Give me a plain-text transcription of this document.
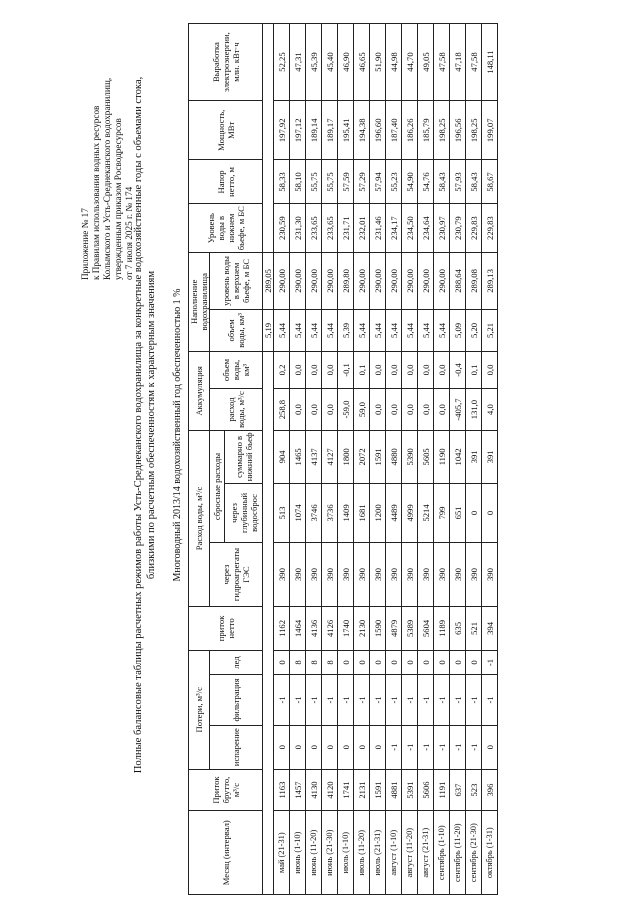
Приложение № 17 к Правилам использования водных ресурсов Колымского и Усть-Среднеканского водохранилищ, утвержденным приказом Росводресурсов от 7 июля 2025 г. № 174 Полные балансовые таблицы расчетных режимов работы Усть-Среднеканского водохранилища за конкретные водохозяйственные годы с объемами стока, близкими по расчетным обеспеченностям к характерным значениям Многоводный 2013/14 водохозяйственный год обеспеченностью 1 %
Месяц (интервал)	Приток брутто, м³/с	Потери, м³/с			приток нетто	Расход воды, м³/с			Аккумуляция		Наполнение водохранилища		Уровень воды в нижнем бьефе, м БС	Напор нетто, м	Мощность, МВт	Выработка электроэнергии, млн. кВт·ч
		испарение	фильтрация	лед		через гидроагрегаты ГЭС	сбросные расходы		расход воды, м³/с	объем воды, км³	объем воды, км³	уровень воды в верхнем бьефе, м БС				
							через глубинный водосброс	суммарно в нижний бьеф								
											5,19	289,05				
май (21-31)	1163	0	-1	0	1162	390	513	904	258,8	0,2	5,44	290,00	230,59	58,33	197,92	52,25
июнь (1-10)	1457	0	-1	8	1464	390	1074	1465	0,0	0,0	5,44	290,00	231,30	58,10	197,12	47,31
июнь (11-20)	4130	0	-1	8	4136	390	3746	4137	0,0	0,0	5,44	290,00	233,65	55,75	189,14	45,39
июнь (21-30)	4120	0	-1	8	4126	390	3736	4127	0,0	0,0	5,44	290,00	233,65	55,75	189,17	45,40
июль (1-10)	1741	0	-1	0	1740	390	1409	1800	-59,0	-0,1	5,39	289,80	231,71	57,59	195,41	46,90
июль (11-20)	2131	0	-1	0	2130	390	1681	2072	59,0	0,1	5,44	290,00	232,01	57,29	194,38	46,65
июль (21-31)	1591	0	-1	0	1590	390	1200	1591	0,0	0,0	5,44	290,00	231,46	57,94	196,60	51,90
август (1-10)	4881	-1	-1	0	4879	390	4489	4880	0,0	0,0	5,44	290,00	234,17	55,23	187,40	44,98
август (11-20)	5391	-1	-1	0	5389	390	4999	5390	0,0	0,0	5,44	290,00	234,50	54,90	186,26	44,70
август (21-31)	5606	-1	-1	0	5604	390	5214	5605	0,0	0,0	5,44	290,00	234,64	54,76	185,79	49,05
сентябрь (1-10)	1191	-1	-1	0	1189	390	799	1190	0,0	0,0	5,44	290,00	230,97	58,43	198,25	47,58
сентябрь (11-20)	637	-1	-1	0	635	390	651	1042	-405,7	-0,4	5,09	288,64	230,79	57,93	196,56	47,18
сентябрь (21-30)	523	-1	-1	0	521	390	0	391	131,0	0,1	5,20	289,08	229,83	58,43	198,25	47,58
октябрь (1-31)	396	0	-1	-1	394	390	0	391	4,0	0,0	5,21	289,13	229,83	58,67	199,07	148,11
